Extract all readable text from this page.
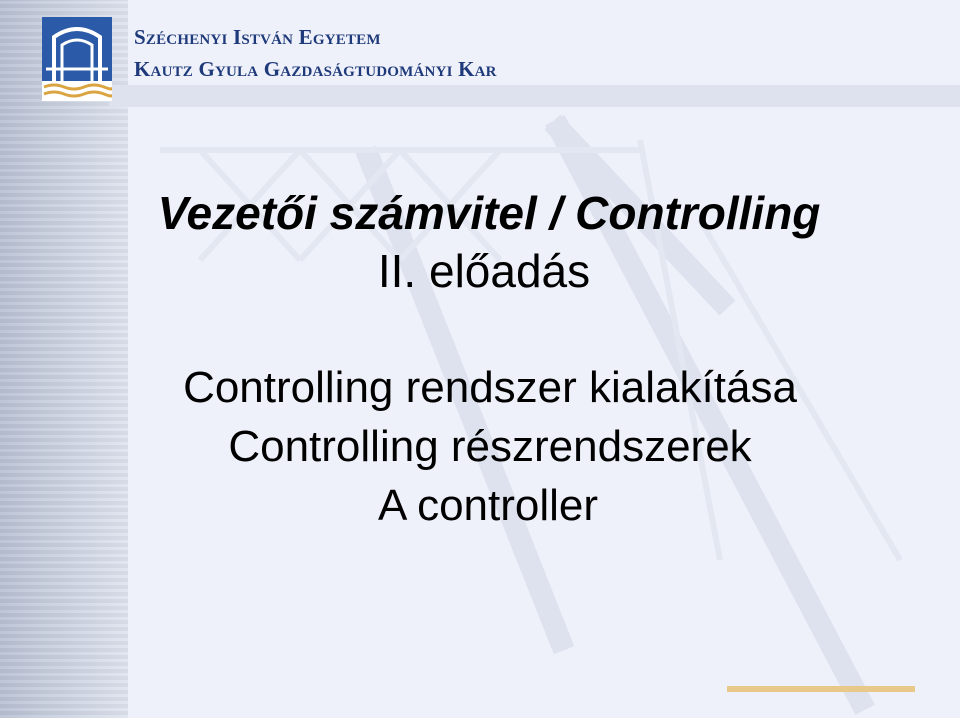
Széchenyi István Egyetem
Kautz Gyula Gazdaságtudományi Kar
Vezetői számvitel / Controlling
II. előadás
Controlling rendszer kialakítása
Controlling részrendszerek
A controller
